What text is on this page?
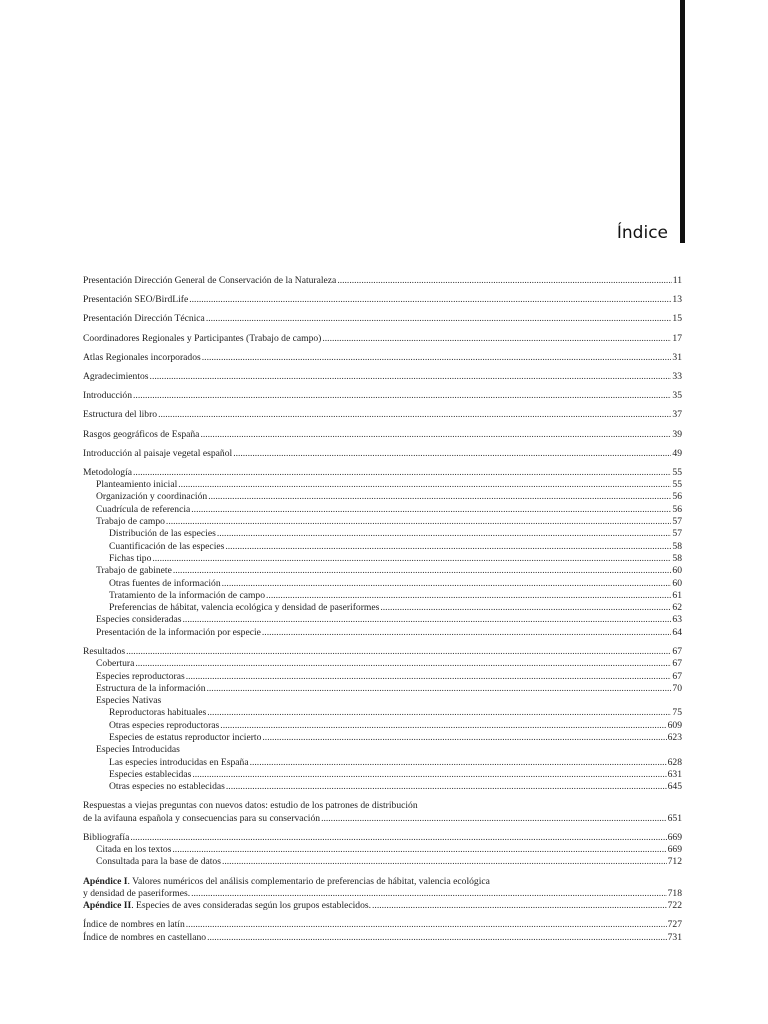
Índice
Presentación Dirección General de Conservación de la Naturaleza .....	11
Presentación SEO/BirdLife .....	13
Presentación Dirección Técnica .....	15
Coordinadores Regionales y Participantes (Trabajo de campo) .....	17
Atlas Regionales incorporados .....	31
Agradecimientos .....	33
Introducción .....	35
Estructura del libro .....	37
Rasgos geográficos de España .....	39
Introducción al paisaje vegetal español .....	49
Metodología .....	55
Planteamiento inicial .....	55
Organización y coordinación .....	56
Cuadrícula de referencia .....	56
Trabajo de campo .....	57
Distribución de las especies .....	57
Cuantificación de las especies .....	58
Fichas tipo .....	58
Trabajo de gabinete .....	60
Otras fuentes de información .....	60
Tratamiento de la información de campo .....	61
Preferencias de hábitat, valencia ecológica y densidad de paseriformes .....	62
Especies consideradas .....	63
Presentación de la información por especie .....	64
Resultados .....	67
Cobertura .....	67
Especies reproductoras .....	67
Estructura de la información .....	70
Especies Nativas
Reproductoras habituales .....	75
Otras especies reproductoras .....	609
Especies de estatus reproductor incierto .....	623
Especies Introducidas
Las especies introducidas en España .....	628
Especies establecidas .....	631
Otras especies no establecidas .....	645
Respuestas a viejas preguntas con nuevos datos: estudio de los patrones de distribución
de la avifauna española y consecuencias para su conservación .....	651
Bibliografía .....	669
Citada en los textos .....	669
Consultada para la base de datos .....	712
Apéndice I. Valores numéricos del análisis complementario de preferencias de hábitat, valencia ecológica
y densidad de paseriformes. .....	718
Apéndice II. Especies de aves consideradas según los grupos establecidos. .....	722
Índice de nombres en latín .....	727
Índice de nombres en castellano .....	731
